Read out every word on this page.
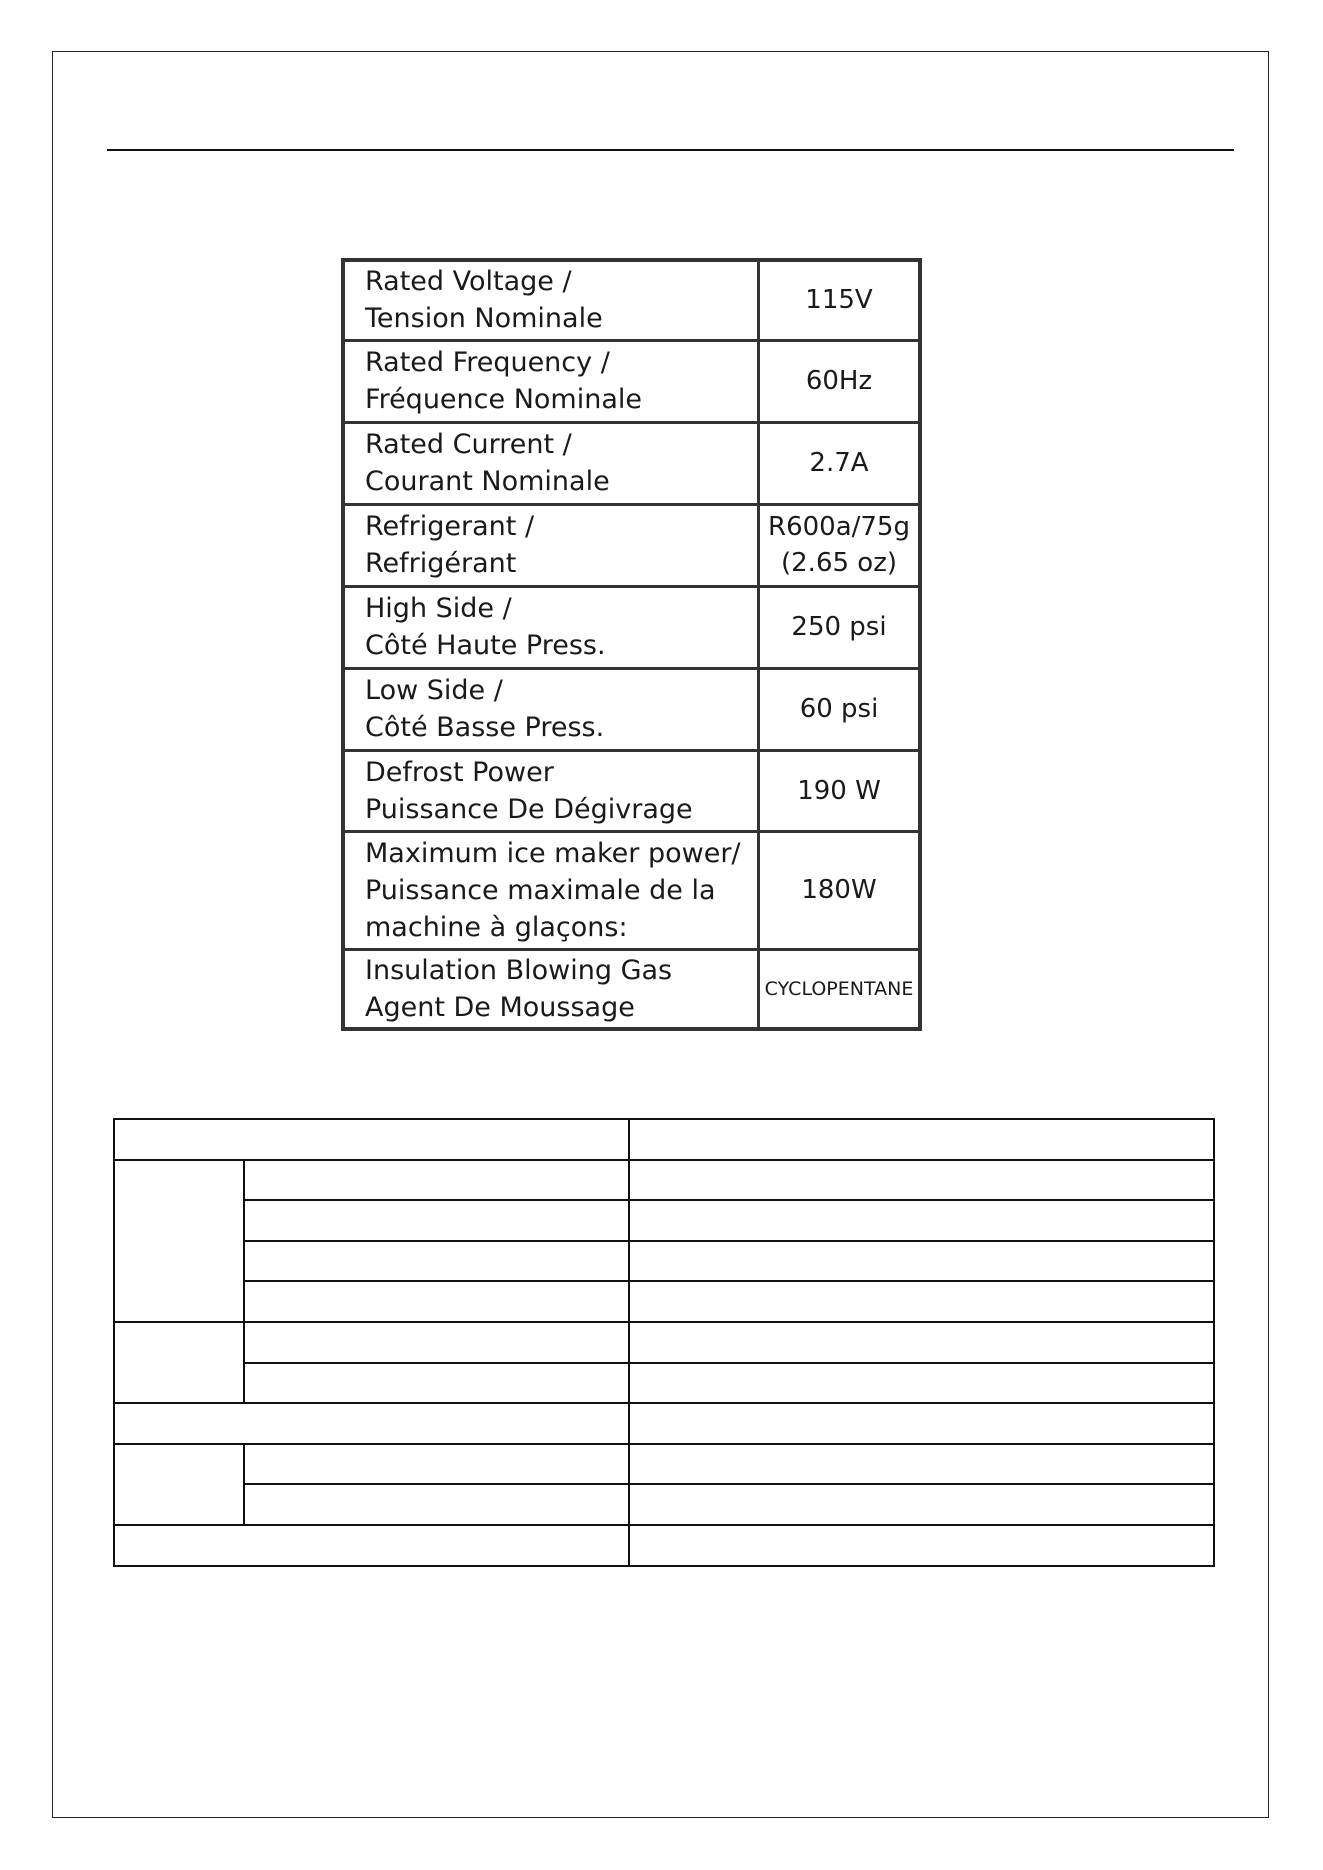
Rated Voltage /
Tension Nominale	115V

Rated Frequency /
Fréquence Nominale	60Hz

Rated Current /
Courant Nominale	2.7A

Refrigerant /
Refrigérant	R600a/75g
(2.65 oz)

High Side /
Côté Haute Press.	250 psi

Low Side /
Côté Basse Press.	60 psi

Defrost Power
Puissance De Dégivrage	190 W

Maximum ice maker power/
Puissance maximale de la
machine à glaçons:	180W

Insulation Blowing Gas
Agent De Moussage	CYCLOPENTANE
